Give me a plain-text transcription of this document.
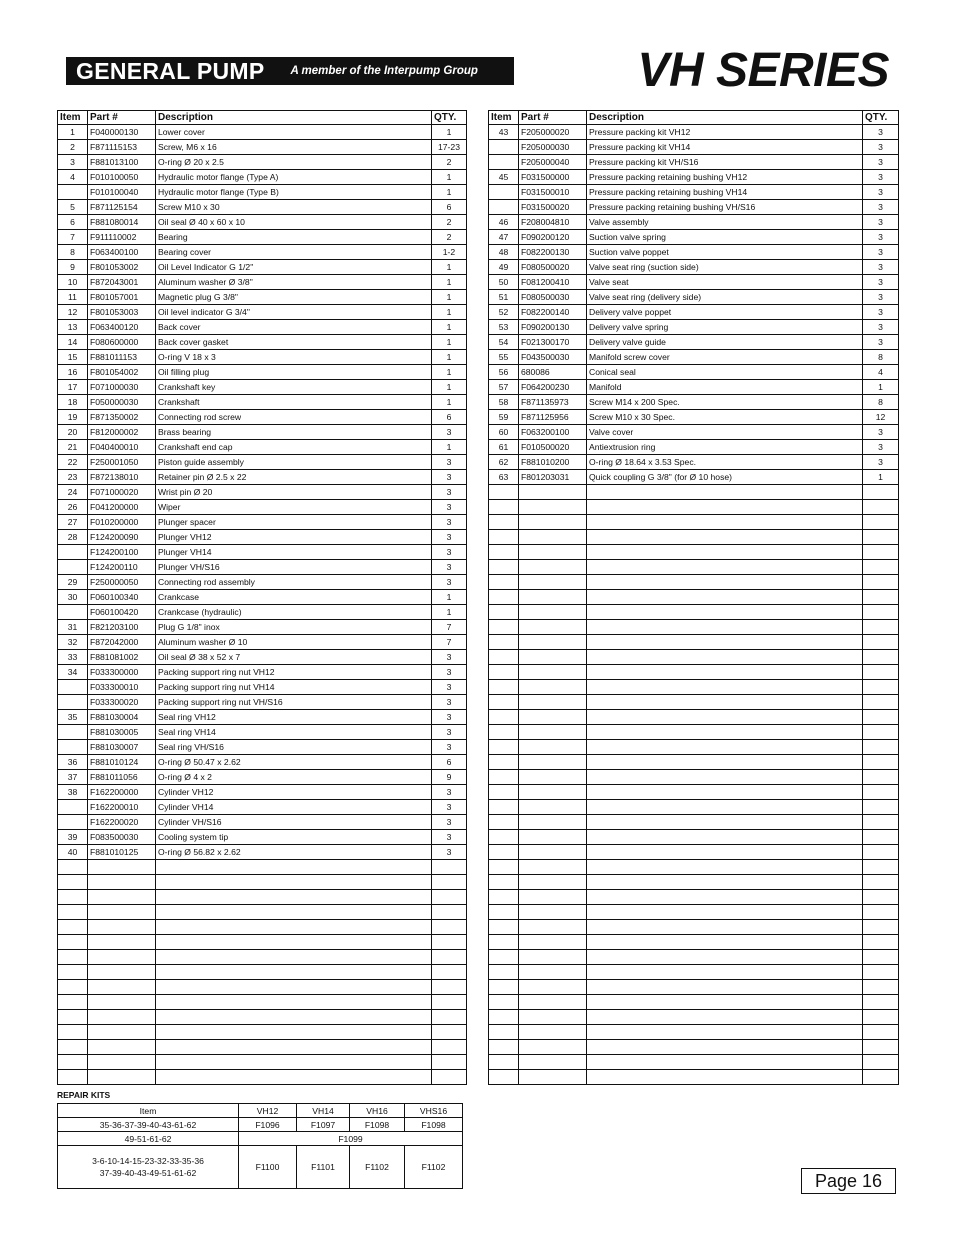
GENERAL PUMP A member of the Interpump Group	VH SERIES
Item	Part #	Description	QTY.
1	F040000130	Lower cover	1
2	F871115153	Screw, M6 x 16	17-23
3	F881013100	O-ring Ø 20 x 2.5	2
4	F010100050	Hydraulic motor flange (Type A)	1
	F010100040	Hydraulic motor flange (Type B)	1
5	F871125154	Screw M10 x 30	6
6	F881080014	Oil seal Ø 40 x 60 x 10	2
7	F911110002	Bearing	2
8	F063400100	Bearing cover	1-2
9	F801053002	Oil Level Indicator G 1/2"	1
10	F872043001	Aluminum washer Ø 3/8"	1
11	F801057001	Magnetic plug G 3/8"	1
12	F801053003	Oil level indicator G 3/4"	1
13	F063400120	Back cover	1
14	F080600000	Back cover gasket	1
15	F881011153	O-ring V 18 x 3	1
16	F801054002	Oil filling plug	1
17	F071000030	Crankshaft key	1
18	F050000030	Crankshaft	1
19	F871350002	Connecting rod screw	6
20	F812000002	Brass bearing	3
21	F040400010	Crankshaft end cap	1
22	F250001050	Piston guide assembly	3
23	F872138010	Retainer pin Ø 2.5 x 22	3
24	F071000020	Wrist pin Ø 20	3
26	F041200000	Wiper	3
27	F010200000	Plunger spacer	3
28	F124200090	Plunger VH12	3
	F124200100	Plunger VH14	3
	F124200110	Plunger VH/S16	3
29	F250000050	Connecting rod assembly	3
30	F060100340	Crankcase	1
	F060100420	Crankcase (hydraulic)	1
31	F821203100	Plug G 1/8" inox	7
32	F872042000	Aluminum washer Ø 10	7
33	F881081002	Oil seal Ø 38 x 52 x 7	3
34	F033300000	Packing support ring nut VH12	3
	F033300010	Packing support ring nut VH14	3
	F033300020	Packing support ring nut VH/S16	3
35	F881030004	Seal ring VH12	3
	F881030005	Seal ring VH14	3
	F881030007	Seal ring VH/S16	3
36	F881010124	O-ring Ø 50.47 x 2.62	6
37	F881011056	O-ring Ø 4 x 2	9
38	F162200000	Cylinder VH12	3
	F162200010	Cylinder VH14	3
	F162200020	Cylinder VH/S16	3
39	F083500030	Cooling system tip	3
40	F881010125	O-ring Ø 56.82 x 2.62	3

Item	Part #	Description	QTY.
43	F205000020	Pressure packing kit VH12	3
	F205000030	Pressure packing kit VH14	3
	F205000040	Pressure packing kit VH/S16	3
45	F031500000	Pressure packing retaining bushing VH12	3
	F031500010	Pressure packing retaining bushing VH14	3
	F031500020	Pressure packing retaining bushing VH/S16	3
46	F208004810	Valve assembly	3
47	F090200120	Suction valve spring	3
48	F082200130	Suction valve poppet	3
49	F080500020	Valve seat ring (suction side)	3
50	F081200410	Valve seat	3
51	F080500030	Valve seat ring (delivery side)	3
52	F082200140	Delivery valve poppet	3
53	F090200130	Delivery valve spring	3
54	F021300170	Delivery valve guide	3
55	F043500030	Manifold screw cover	8
56	680086	Conical seal	4
57	F064200230	Manifold	1
58	F871135973	Screw M14 x 200 Spec.	8
59	F871125956	Screw M10 x 30 Spec.	12
60	F063200100	Valve cover	3
61	F010500020	Antiextrusion ring	3
62	F881010200	O-ring Ø 18.64 x 3.53 Spec.	3
63	F801203031	Quick coupling G 3/8" (for Ø 10 hose)	1

REPAIR KITS
Item	VH12	VH14	VH16	VHS16
35-36-37-39-40-43-61-62	F1096	F1097	F1098	F1098
49-51-61-62	F1099			

3-6-10-14-15-23-32-33-35-36
37-39-40-43-49-51-61-62	F1100	F1101	F1102	F1102
Page 16
